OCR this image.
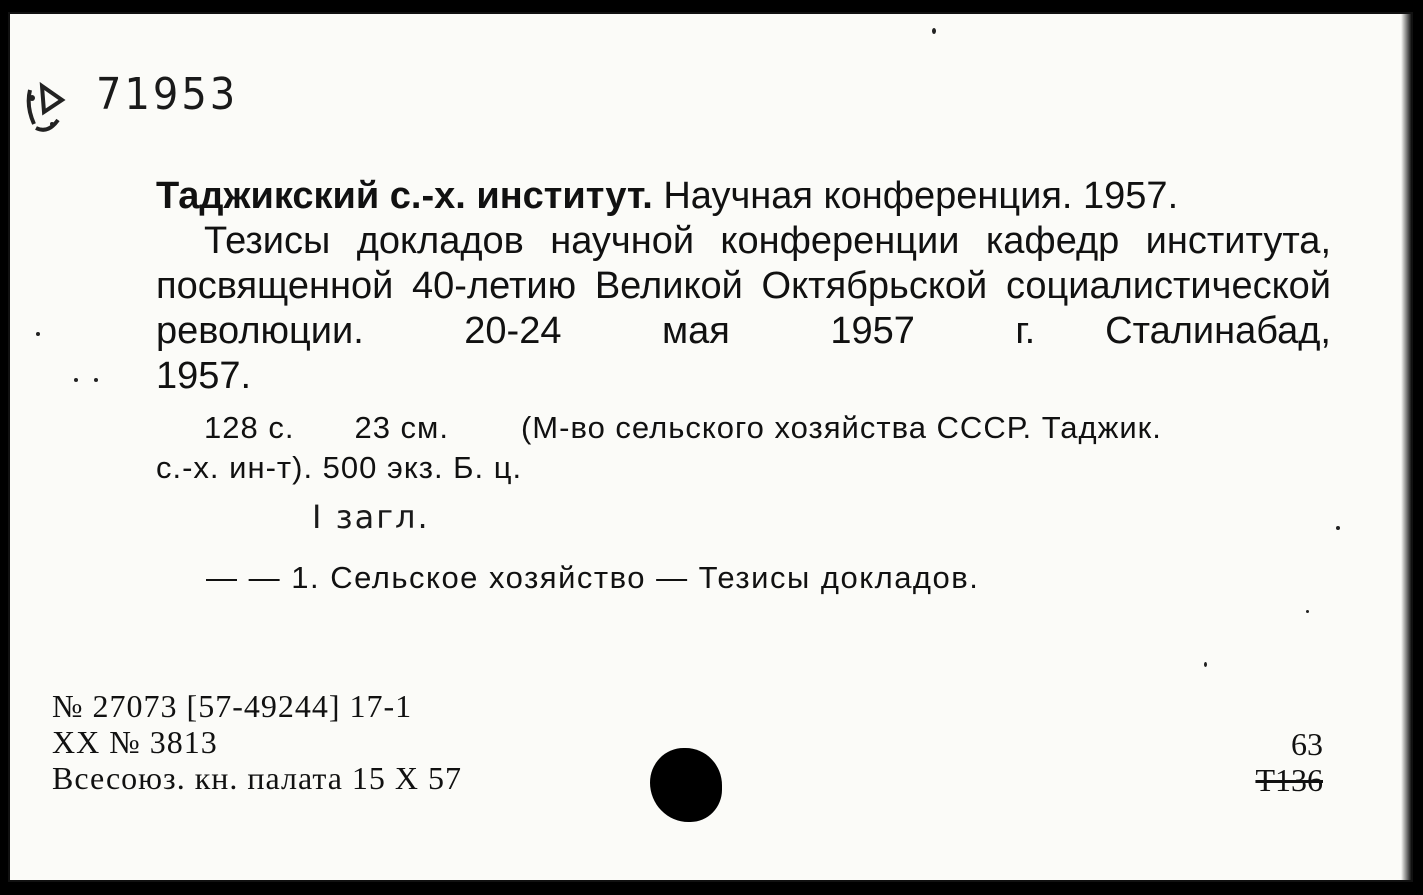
71953

Таджикский с.-х. институт. Научная конференция. 1957.

Тезисы докладов научной конференции кафедр института, посвященной 40-летию Великой Октябрьской социалистической революции. 20-24 мая 1957 г. Сталинабад,

1957.

128 с. 23 см. (М-во сельского хозяйства СССР. Таджик.

с.-х. ин-т). 500 экз. Б. ц.

I загл.
— — 1. Сельское хозяйство — Тезисы докладов.
№ 27073 [57-49244] 17-1
XX № 3813
Всесоюз. кн. палата 15 X 57
63
Т136
